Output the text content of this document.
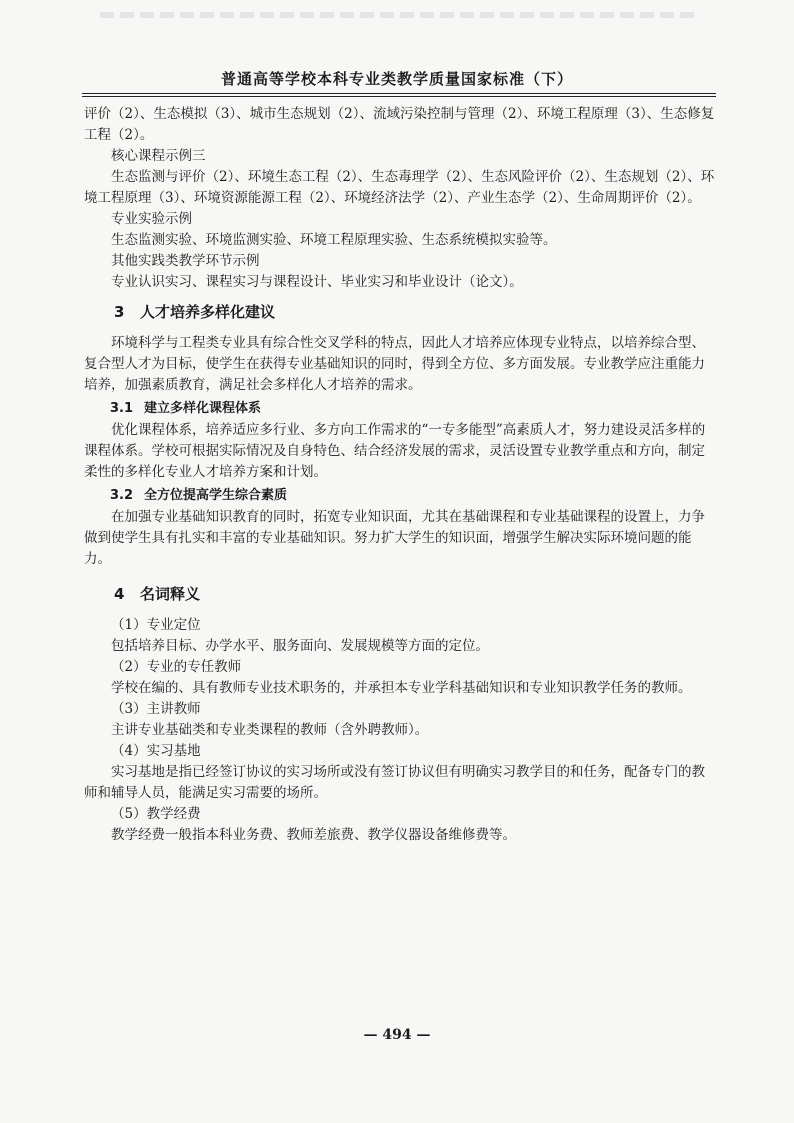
普通高等学校本科专业类教学质量国家标准（下）

评价（2）、生态模拟（3）、城市生态规划（2）、流域污染控制与管理（2）、环境工程原理（3）、生态修复工程（2）。

核心课程示例三

生态监测与评价（2）、环境生态工程（2）、生态毒理学（2）、生态风险评价（2）、生态规划（2）、环境工程原理（3）、环境资源能源工程（2）、环境经济法学（2）、产业生态学（2）、生命周期评价（2）。

专业实验示例

生态监测实验、环境监测实验、环境工程原理实验、生态系统模拟实验等。

其他实践类教学环节示例

专业认识实习、课程实习与课程设计、毕业实习和毕业设计（论文）。

3 人才培养多样化建议

环境科学与工程类专业具有综合性交叉学科的特点，因此人才培养应体现专业特点，以培养综合型、复合型人才为目标，使学生在获得专业基础知识的同时，得到全方位、多方面发展。专业教学应注重能力培养，加强素质教育，满足社会多样化人才培养的需求。

3.1 建立多样化课程体系

优化课程体系，培养适应多行业、多方向工作需求的“一专多能型”高素质人才，努力建设灵活多样的课程体系。学校可根据实际情况及自身特色、结合经济发展的需求，灵活设置专业教学重点和方向，制定柔性的多样化专业人才培养方案和计划。

3.2 全方位提高学生综合素质

在加强专业基础知识教育的同时，拓宽专业知识面，尤其在基础课程和专业基础课程的设置上，力争做到使学生具有扎实和丰富的专业基础知识。努力扩大学生的知识面，增强学生解决实际环境问题的能力。

4 名词释义

（1）专业定位

包括培养目标、办学水平、服务面向、发展规模等方面的定位。

（2）专业的专任教师

学校在编的、具有教师专业技术职务的，并承担本专业学科基础知识和专业知识教学任务的教师。

（3）主讲教师

主讲专业基础类和专业类课程的教师（含外聘教师）。

（4）实习基地

实习基地是指已经签订协议的实习场所或没有签订协议但有明确实习教学目的和任务，配备专门的教师和辅导人员，能满足实习需要的场所。

（5）教学经费

教学经费一般指本科业务费、教师差旅费、教学仪器设备维修费等。

— 494 —
